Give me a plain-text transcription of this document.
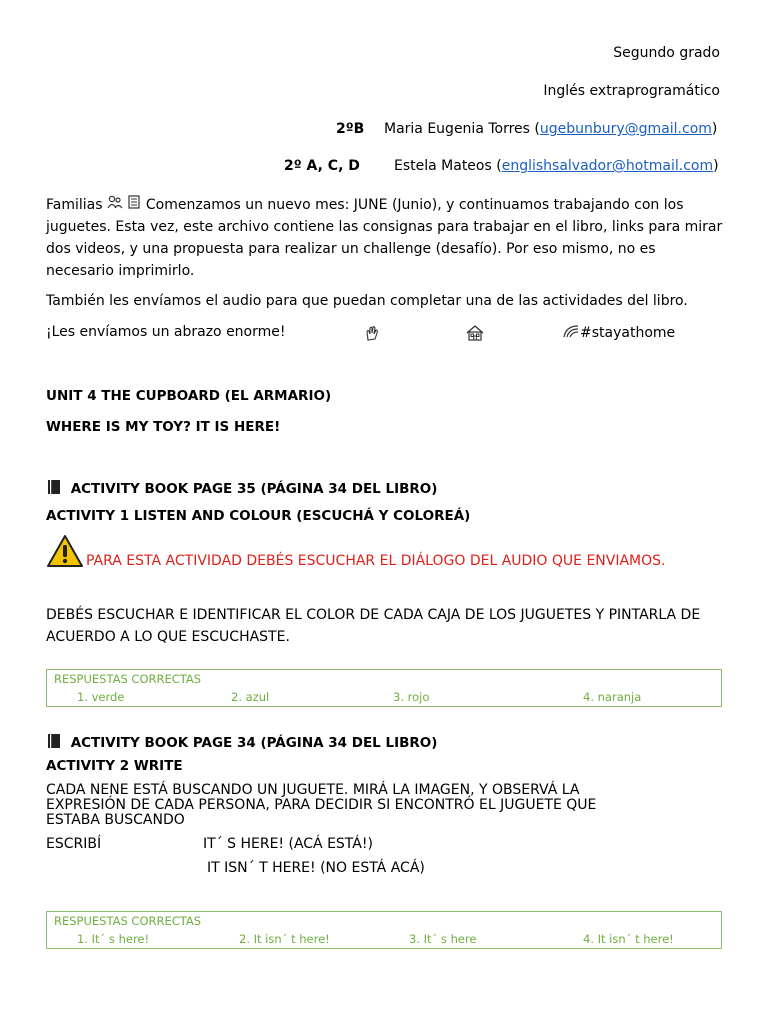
Segundo grado
Inglés extraprogramático
2ºB Maria Eugenia Torres (ugebunbury@gmail.com)
2º A, C, D Estela Mateos (englishsalvador@hotmail.com)
Familias	Comenzamos un nuevo mes: JUNE (Junio), y continuamos trabajando con los juguetes. Esta vez, este archivo contiene las consignas para trabajar en el libro, links para mirar dos videos, y una propuesta para realizar un challenge (desafío). Por eso mismo, no es necesario imprimirlo.
También les envíamos el audio para que puedan completar una de las actividades del libro.
¡Les envíamos un abrazo enorme!	#stayathome
UNIT 4 THE CUPBOARD (EL ARMARIO)
WHERE IS MY TOY? IT IS HERE!
ACTIVITY BOOK PAGE 35 (PÁGINA 34 DEL LIBRO)
ACTIVITY 1 LISTEN AND COLOUR (ESCUCHÁ Y COLOREÁ)
PARA ESTA ACTIVIDAD DEBÉS ESCUCHAR EL DIÁLOGO DEL AUDIO QUE ENVIAMOS.
DEBÉS ESCUCHAR E IDENTIFICAR EL COLOR DE CADA CAJA DE LOS JUGUETES Y PINTARLA DE ACUERDO A LO QUE ESCUCHASTE.
RESPUESTAS CORRECTAS
1. verde	2. azul	3. rojo	4. naranja
ACTIVITY BOOK PAGE 34 (PÁGINA 34 DEL LIBRO)
ACTIVITY 2 WRITE
CADA NENE ESTÁ BUSCANDO UN JUGUETE. MIRÁ LA IMAGEN, Y OBSERVÁ LA
EXPRESIÓN DE CADA PERSONA, PARA DECIDIR SI ENCONTRÓ EL JUGUETE QUE
ESTABA BUSCANDO
ESCRIBÍ	IT´ S HERE! (ACÁ ESTÁ!)
IT ISN´ T HERE! (NO ESTÁ ACÁ)
RESPUESTAS CORRECTAS
1. It´ s here!	2. It isn´ t here!	3. It´ s here	4. It isn´ t here!
